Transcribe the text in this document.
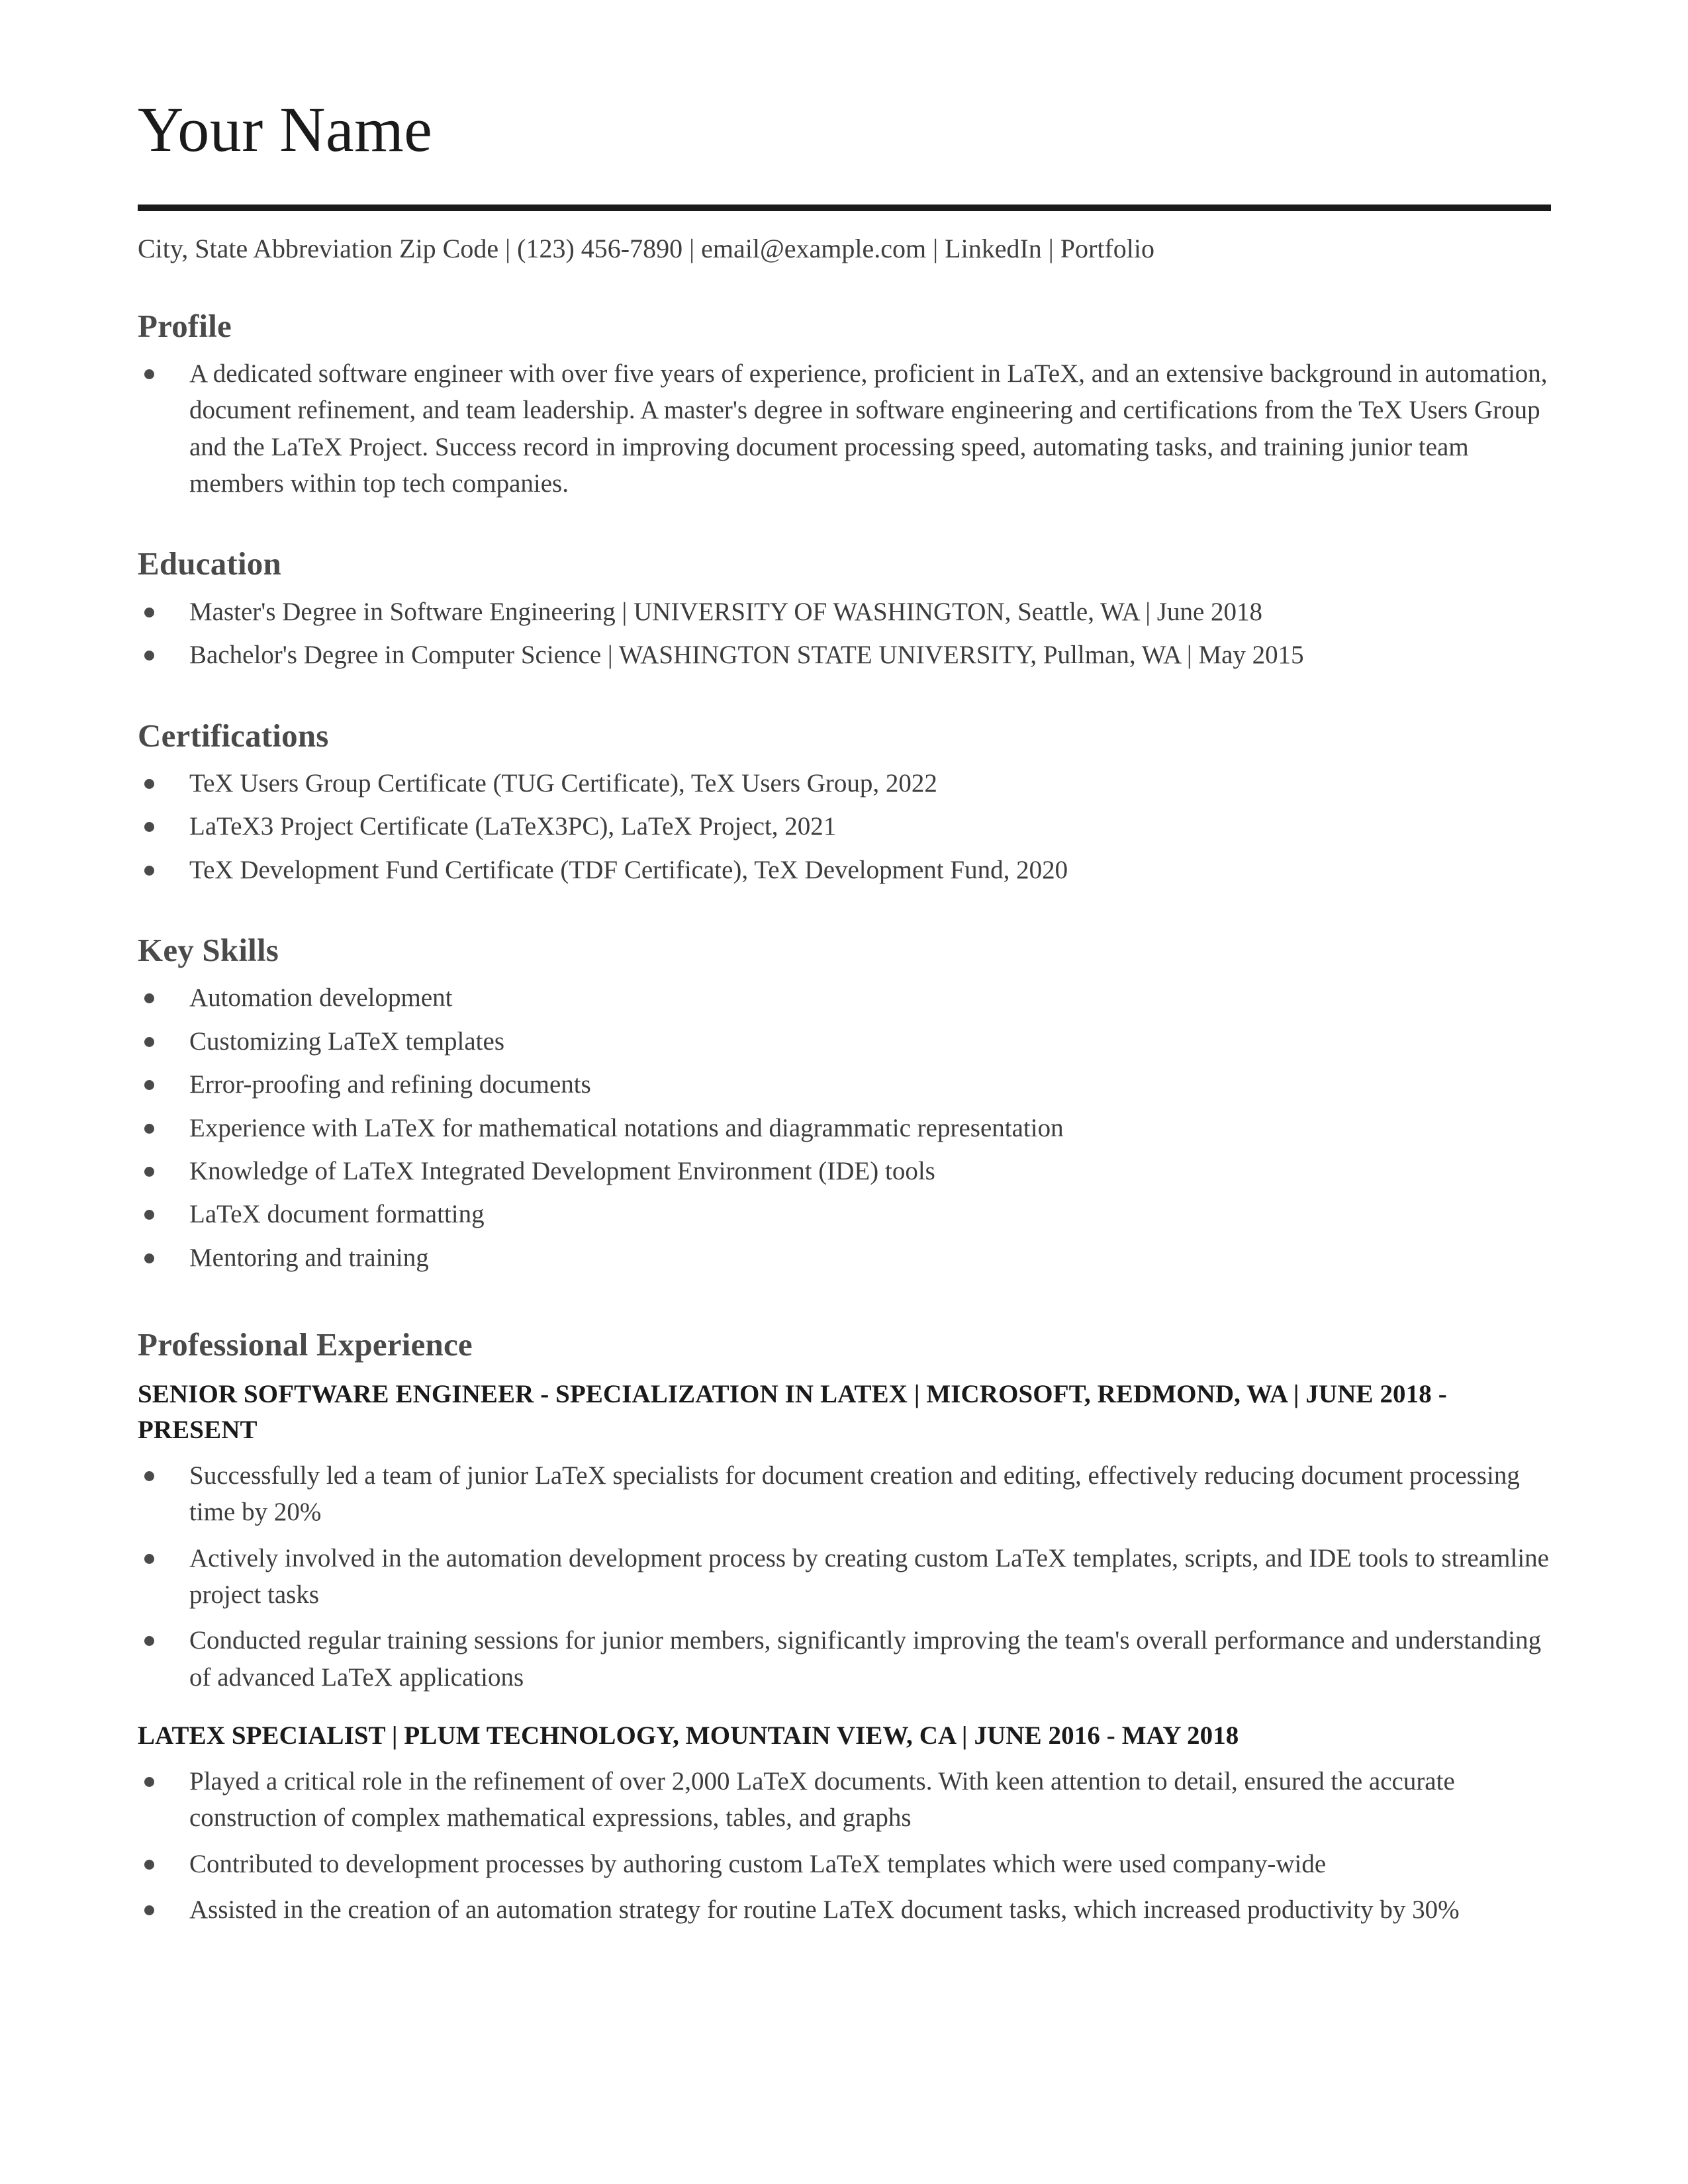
Your Name
City, State Abbreviation Zip Code | (123) 456-7890 | email@example.com | LinkedIn | Portfolio
Profile
A dedicated software engineer with over five years of experience, proficient in LaTeX, and an extensive background in automation, document refinement, and team leadership. A master's degree in software engineering and certifications from the TeX Users Group and the LaTeX Project. Success record in improving document processing speed, automating tasks, and training junior team members within top tech companies.
Education
Master's Degree in Software Engineering | UNIVERSITY OF WASHINGTON, Seattle, WA | June 2018
Bachelor's Degree in Computer Science | WASHINGTON STATE UNIVERSITY, Pullman, WA | May 2015
Certifications
TeX Users Group Certificate (TUG Certificate), TeX Users Group, 2022
LaTeX3 Project Certificate (LaTeX3PC), LaTeX Project, 2021
TeX Development Fund Certificate (TDF Certificate), TeX Development Fund, 2020
Key Skills
Automation development
Customizing LaTeX templates
Error-proofing and refining documents
Experience with LaTeX for mathematical notations and diagrammatic representation
Knowledge of LaTeX Integrated Development Environment (IDE) tools
LaTeX document formatting
Mentoring and training
Professional Experience
SENIOR SOFTWARE ENGINEER - SPECIALIZATION IN LATEX | MICROSOFT, REDMOND, WA | JUNE 2018 - PRESENT
Successfully led a team of junior LaTeX specialists for document creation and editing, effectively reducing document processing time by 20%
Actively involved in the automation development process by creating custom LaTeX templates, scripts, and IDE tools to streamline project tasks
Conducted regular training sessions for junior members, significantly improving the team's overall performance and understanding of advanced LaTeX applications
LATEX SPECIALIST | PLUM TECHNOLOGY, MOUNTAIN VIEW, CA | JUNE 2016 - MAY 2018
Played a critical role in the refinement of over 2,000 LaTeX documents. With keen attention to detail, ensured the accurate construction of complex mathematical expressions, tables, and graphs
Contributed to development processes by authoring custom LaTeX templates which were used company-wide
Assisted in the creation of an automation strategy for routine LaTeX document tasks, which increased productivity by 30%
